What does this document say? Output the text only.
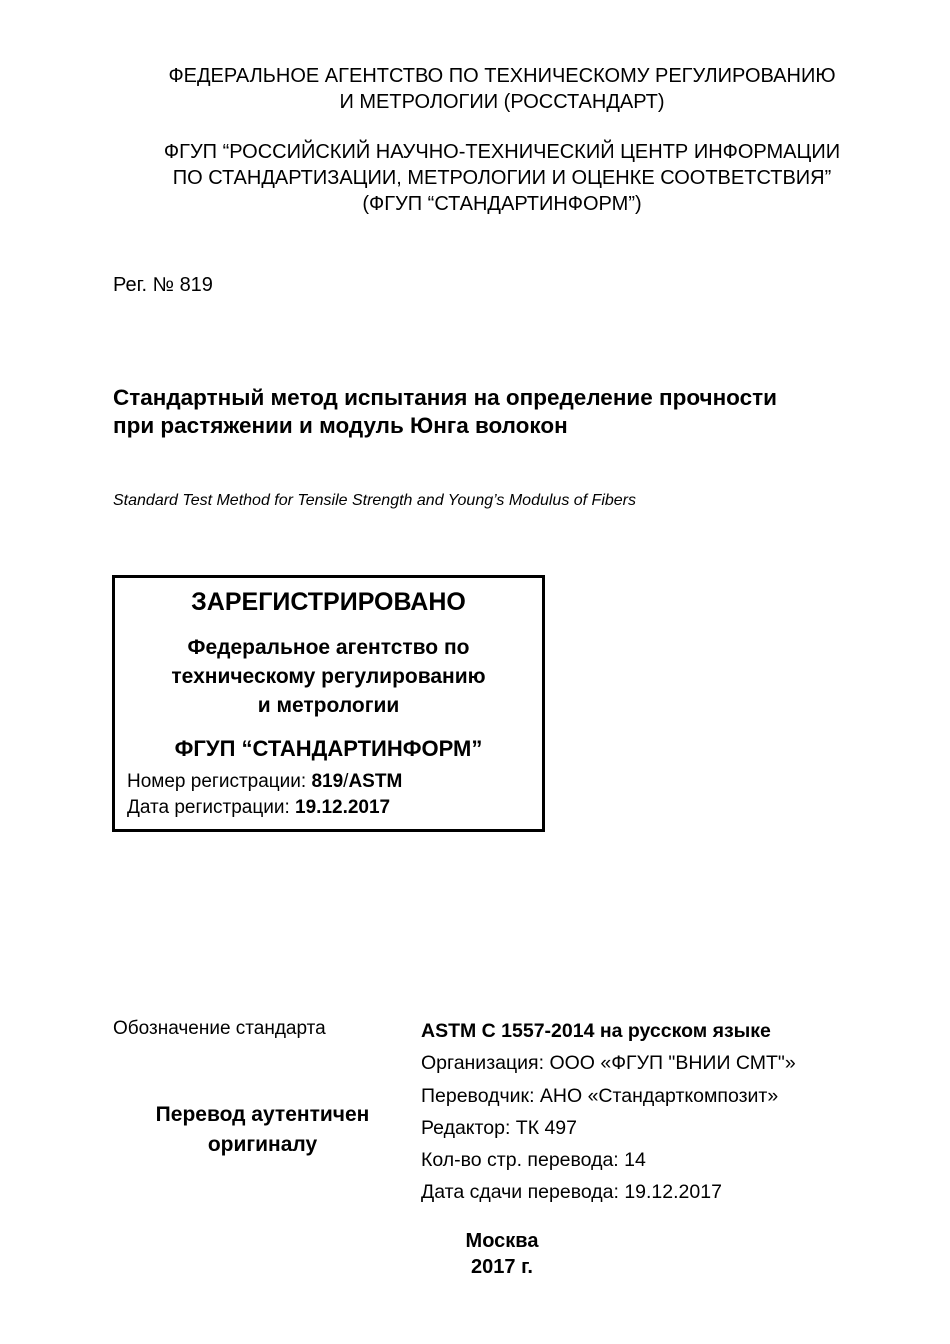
ФЕДЕРАЛЬНОЕ АГЕНТСТВО ПО ТЕХНИЧЕСКОМУ РЕГУЛИРОВАНИЮ
И МЕТРОЛОГИИ (РОССТАНДАРТ)
ФГУП “РОССИЙСКИЙ НАУЧНО-ТЕХНИЧЕСКИЙ ЦЕНТР ИНФОРМАЦИИ
ПО СТАНДАРТИЗАЦИИ, МЕТРОЛОГИИ И ОЦЕНКЕ СООТВЕТСТВИЯ”
(ФГУП “СТАНДАРТИНФОРМ”)
Рег. № 819
Стандартный метод испытания на определение прочности
при растяжении и модуль Юнга волокон
Standard Test Method for Tensile Strength and Young’s Modulus of Fibers
ЗАРЕГИСТРИРОВАНО
Федеральное агентство по
техническому регулированию
и метрологии
ФГУП “СТАНДАРТИНФОРМ”
Номер регистрации: 819/ASTM
Дата регистрации: 19.12.2017
Обозначение стандарта
Перевод аутентичен
оригиналу
ASTM C 1557-2014 на русском языке
Организация: ООО «ФГУП "ВНИИ СМТ"»
Переводчик: АНО «Стандарткомпозит»
Редактор: ТК 497
Кол-во стр. перевода: 14
Дата сдачи перевода: 19.12.2017
Москва
2017 г.
